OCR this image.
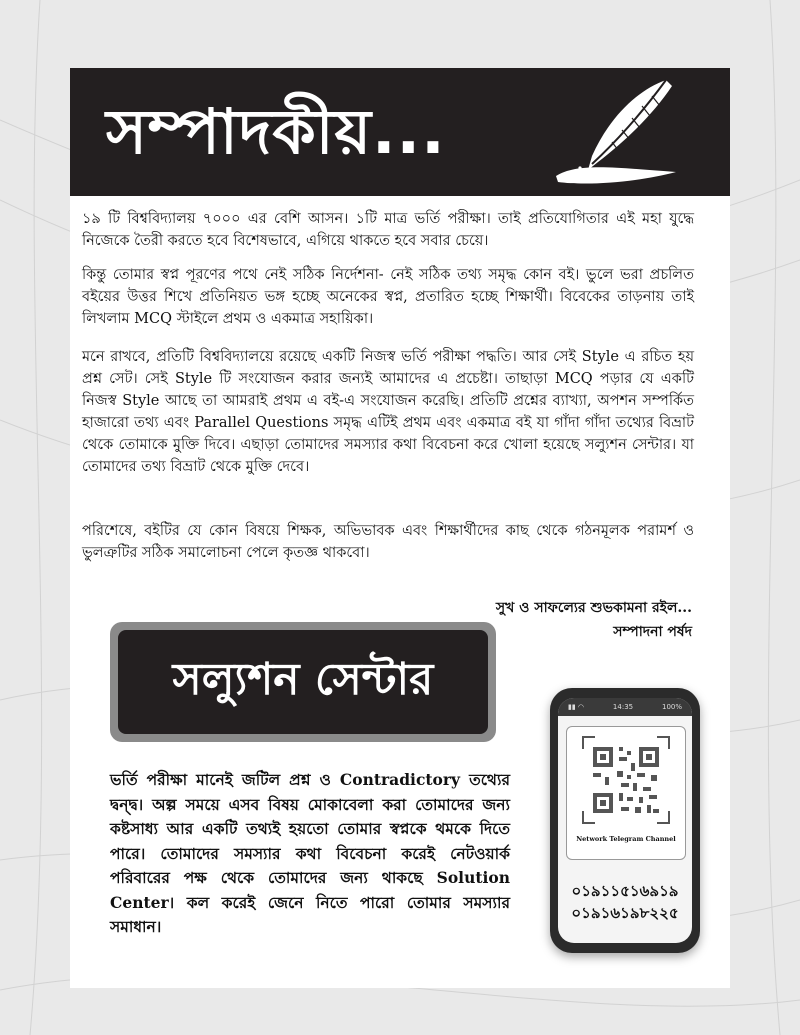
সম্পাদকীয়...

১৯ টি বিশ্ববিদ্যালয় ৭০০০ এর বেশি আসন। ১টি মাত্র ভর্তি পরীক্ষা। তাই প্রতিযোগিতার এই মহা যুদ্ধে নিজেকে তৈরী করতে হবে বিশেষভাবে, এগিয়ে থাকতে হবে সবার চেয়ে।

কিন্তু তোমার স্বপ্ন পূরণের পথে নেই সঠিক নির্দেশনা- নেই সঠিক তথ্য সমৃদ্ধ কোন বই। ভুলে ভরা প্রচলিত বইয়ের উত্তর শিখে প্রতিনিয়ত ভঙ্গ হচ্ছে অনেকের স্বপ্ন, প্রতারিত হচ্ছে শিক্ষার্থী। বিবেকের তাড়নায় তাই লিখলাম MCQ স্টাইলে প্রথম ও একমাত্র সহায়িকা।

মনে রাখবে, প্রতিটি বিশ্ববিদ্যালয়ে রয়েছে একটি নিজস্ব ভর্তি পরীক্ষা পদ্ধতি। আর সেই Style এ রচিত হয় প্রশ্ন সেট। সেই Style টি সংযোজন করার জন্যই আমাদের এ প্রচেষ্টা। তাছাড়া MCQ পড়ার যে একটি নিজস্ব Style আছে তা আমরাই প্রথম এ বই-এ সংযোজন করেছি। প্রতিটি প্রশ্নের ব্যাখ্যা, অপশন সম্পর্কিত হাজারো তথ্য এবং Parallel Questions সমৃদ্ধ এটিই প্রথম এবং একমাত্র বই যা গাঁদা গাঁদা তথ্যের বিভ্রাট থেকে তোমাকে মুক্তি দিবে। এছাড়া তোমাদের সমস্যার কথা বিবেচনা করে খোলা হয়েছে সল্যুশন সেন্টার। যা তোমাদের তথ্য বিভ্রাট থেকে মুক্তি দেবে।

পরিশেষে, বইটির যে কোন বিষয়ে শিক্ষক, অভিভাবক এবং শিক্ষার্থীদের কাছ থেকে গঠনমূলক পরামর্শ ও ভুলত্রুটির সঠিক সমালোচনা পেলে কৃতজ্ঞ থাকবো।

সুখ ও সাফল্যের শুভকামনা রইল...
সম্পাদনা পর্ষদ
সল্যুশন সেন্টার

ভর্তি পরীক্ষা মানেই জটিল প্রশ্ন ও Contradictory তথ্যের দ্বন্দ্ব। অল্প সময়ে এসব বিষয় মোকাবেলা করা তোমাদের জন্য কষ্টসাধ্য আর একটি তথ্যই হয়তো তোমার স্বপ্নকে থমকে দিতে পারে। তোমাদের সমস্যার কথা বিবেচনা করেই নেটওয়ার্ক পরিবারের পক্ষ থেকে তোমাদের জন্য থাকছে Solution Center। কল করেই জেনে নিতে পারো তোমার সমস্যার সমাধান।

▮▮ ◠	14:35	100%
Network Telegram Channel
০১৯১১৫১৬৯১৯
০১৯১৬১৯৮২২৫
